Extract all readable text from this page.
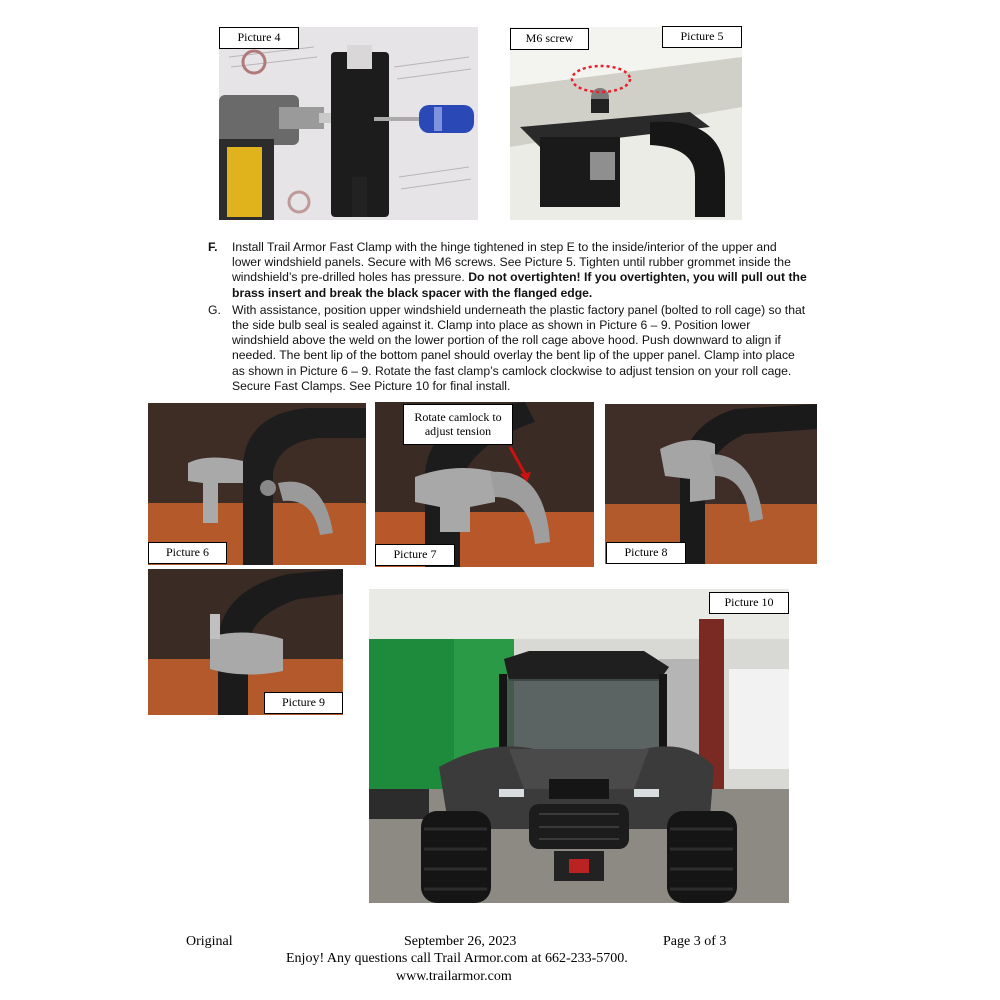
Picture 4	M6 screw	Picture 5
F.	Install Trail Armor Fast Clamp with the hinge tightened in step E to the inside/interior of the upper and lower windshield panels. Secure with M6 screws. See Picture 5. Tighten until rubber grommet inside the windshield’s pre-drilled holes has pressure. Do not overtighten! If you overtighten, you will pull out the brass insert and break the black spacer with the flanged edge.
G. With assistance, position upper windshield underneath the plastic factory panel (bolted to roll cage) so that the side bulb seal is sealed against it. Clamp into place as shown in Picture 6 – 9. Position lower windshield above the weld on the lower portion of the roll cage above hood. Push downward to align if needed. The bent lip of the bottom panel should overlay the bent lip of the upper panel. Clamp into place as shown in Picture 6 – 9. Rotate the fast clamp’s camlock clockwise to adjust tension on your roll cage. Secure Fast Clamps. See Picture 10 for final install.
Picture 6
Rotate camlock to adjust tension
Picture 7	Picture 8
Picture 9
Picture 10
Original	September 26, 2023	Page 3 of 3
Enjoy! Any questions call Trail Armor.com at 662-233-5700.
www.trailarmor.com
